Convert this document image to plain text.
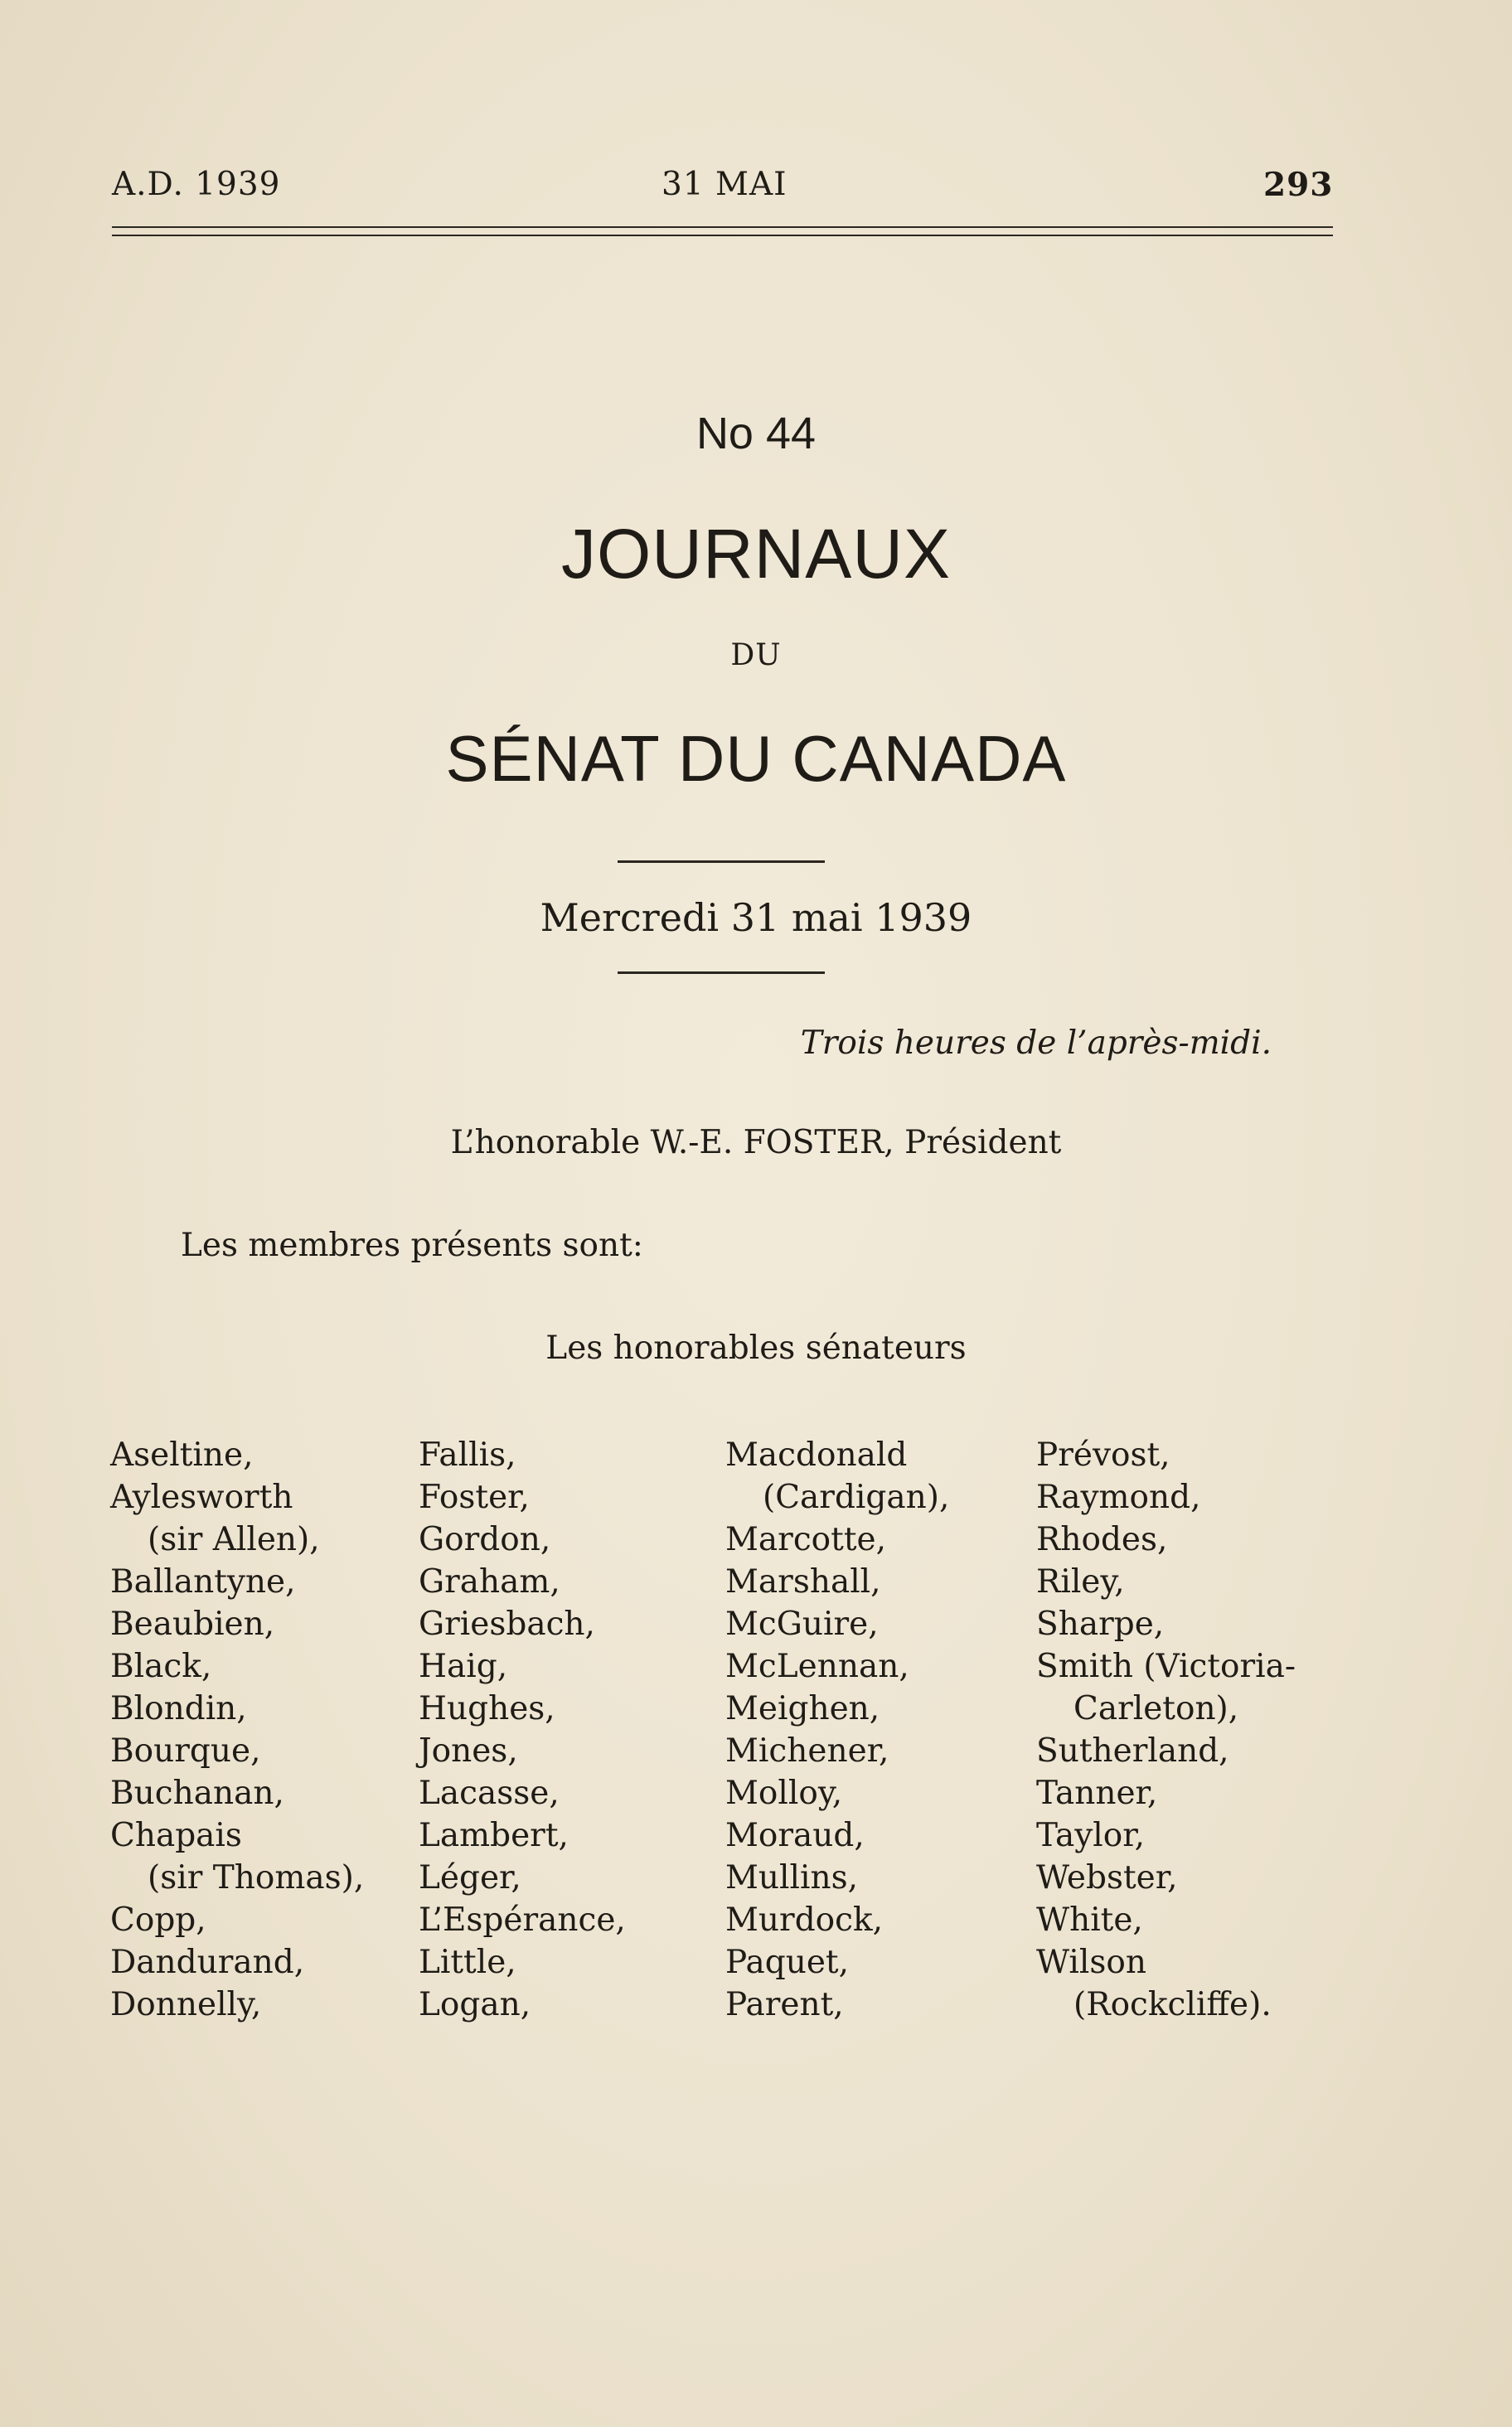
A.D. 1939	31 MAI	293
No 44
JOURNAUX
DU
SÉNAT DU CANADA
Mercredi 31 mai 1939
Trois heures de l’après-midi.
L’honorable W.-E. FOSTER, Président
Les membres présents sont:
Les honorables sénateurs
Aseltine,
Aylesworth
(sir Allen),
Ballantyne,
Beaubien,
Black,
Blondin,
Bourque,
Buchanan,
Chapais
(sir Thomas),
Copp,
Dandurand,
Donnelly,
Fallis,
Foster,
Gordon,
Graham,
Griesbach,
Haig,
Hughes,
Jones,
Lacasse,
Lambert,
Léger,
L’Espérance,
Little,
Logan,
Macdonald
(Cardigan),
Marcotte,
Marshall,
McGuire,
McLennan,
Meighen,
Michener,
Molloy,
Moraud,
Mullins,
Murdock,
Paquet,
Parent,
Prévost,
Raymond,
Rhodes,
Riley,
Sharpe,
Smith (Victoria-
Carleton),
Sutherland,
Tanner,
Taylor,
Webster,
White,
Wilson
(Rockcliffe).
